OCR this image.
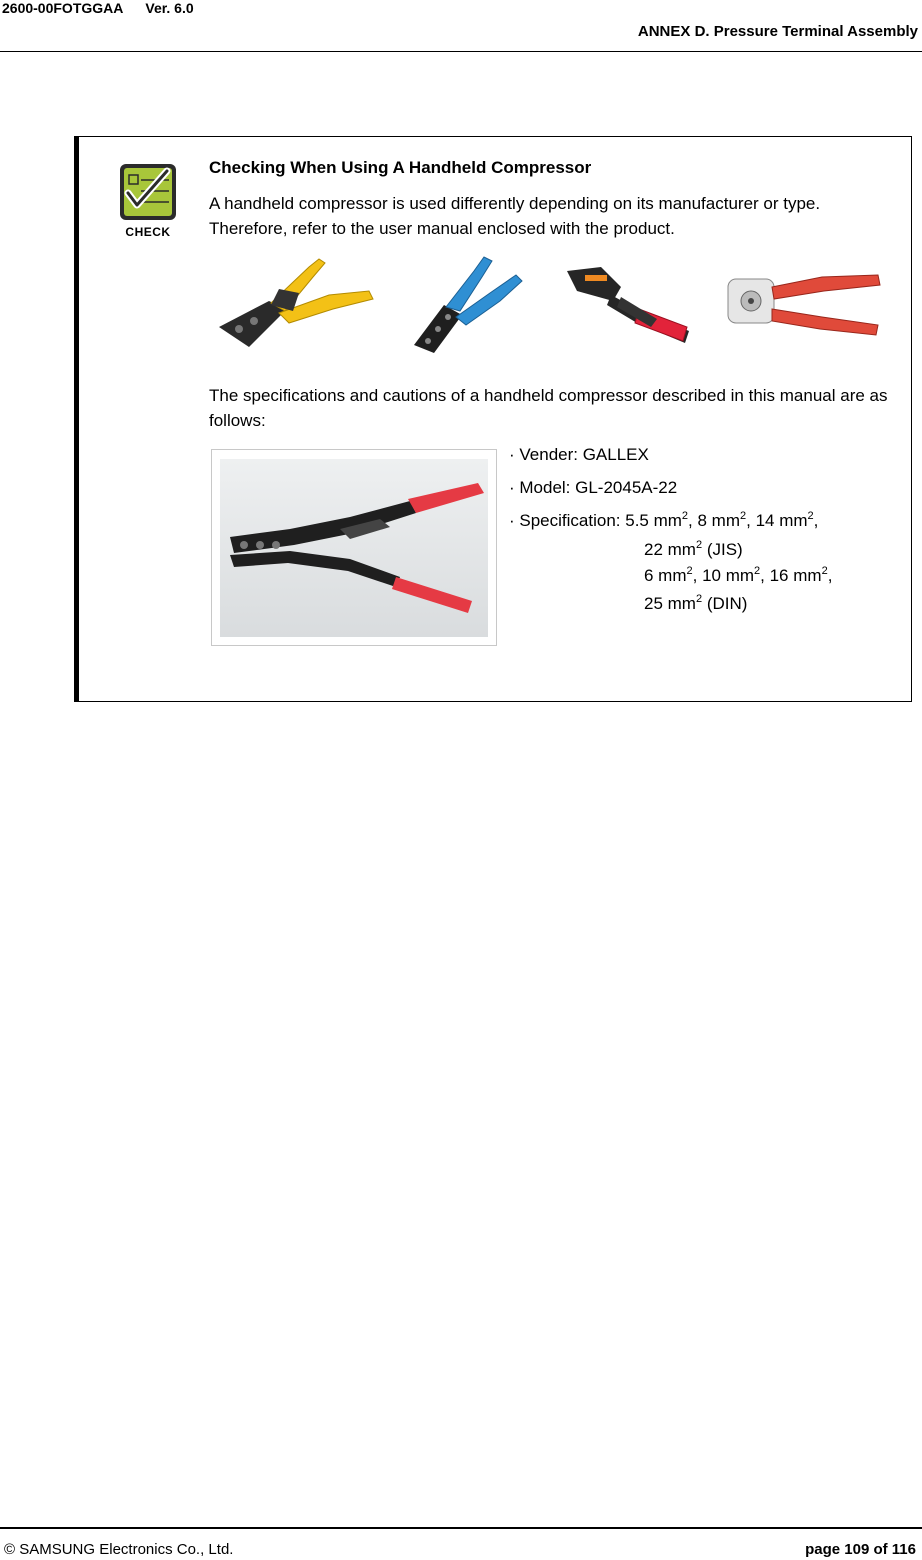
2600-00FOTGGAA Ver. 6.0
ANNEX D. Pressure Terminal Assembly
CHECK
Checking When Using A Handheld Compressor
A handheld compressor is used differently depending on its manufacturer or type. Therefore, refer to the user manual enclosed with the product.
The specifications and cautions of a handheld compressor described in this manual are as follows:
· Vender: GALLEX
· Model: GL-2045A-22
· Specification: 5.5 $mm^2$, 8 $mm^2$, 14 $mm^2$,
22 $mm^2$ (JIS)
6 $mm^2$, 10 $mm^2$, 16 $mm^2$,
25 $mm^2$ (DIN)
© SAMSUNG Electronics Co., Ltd.	page 109 of 116
